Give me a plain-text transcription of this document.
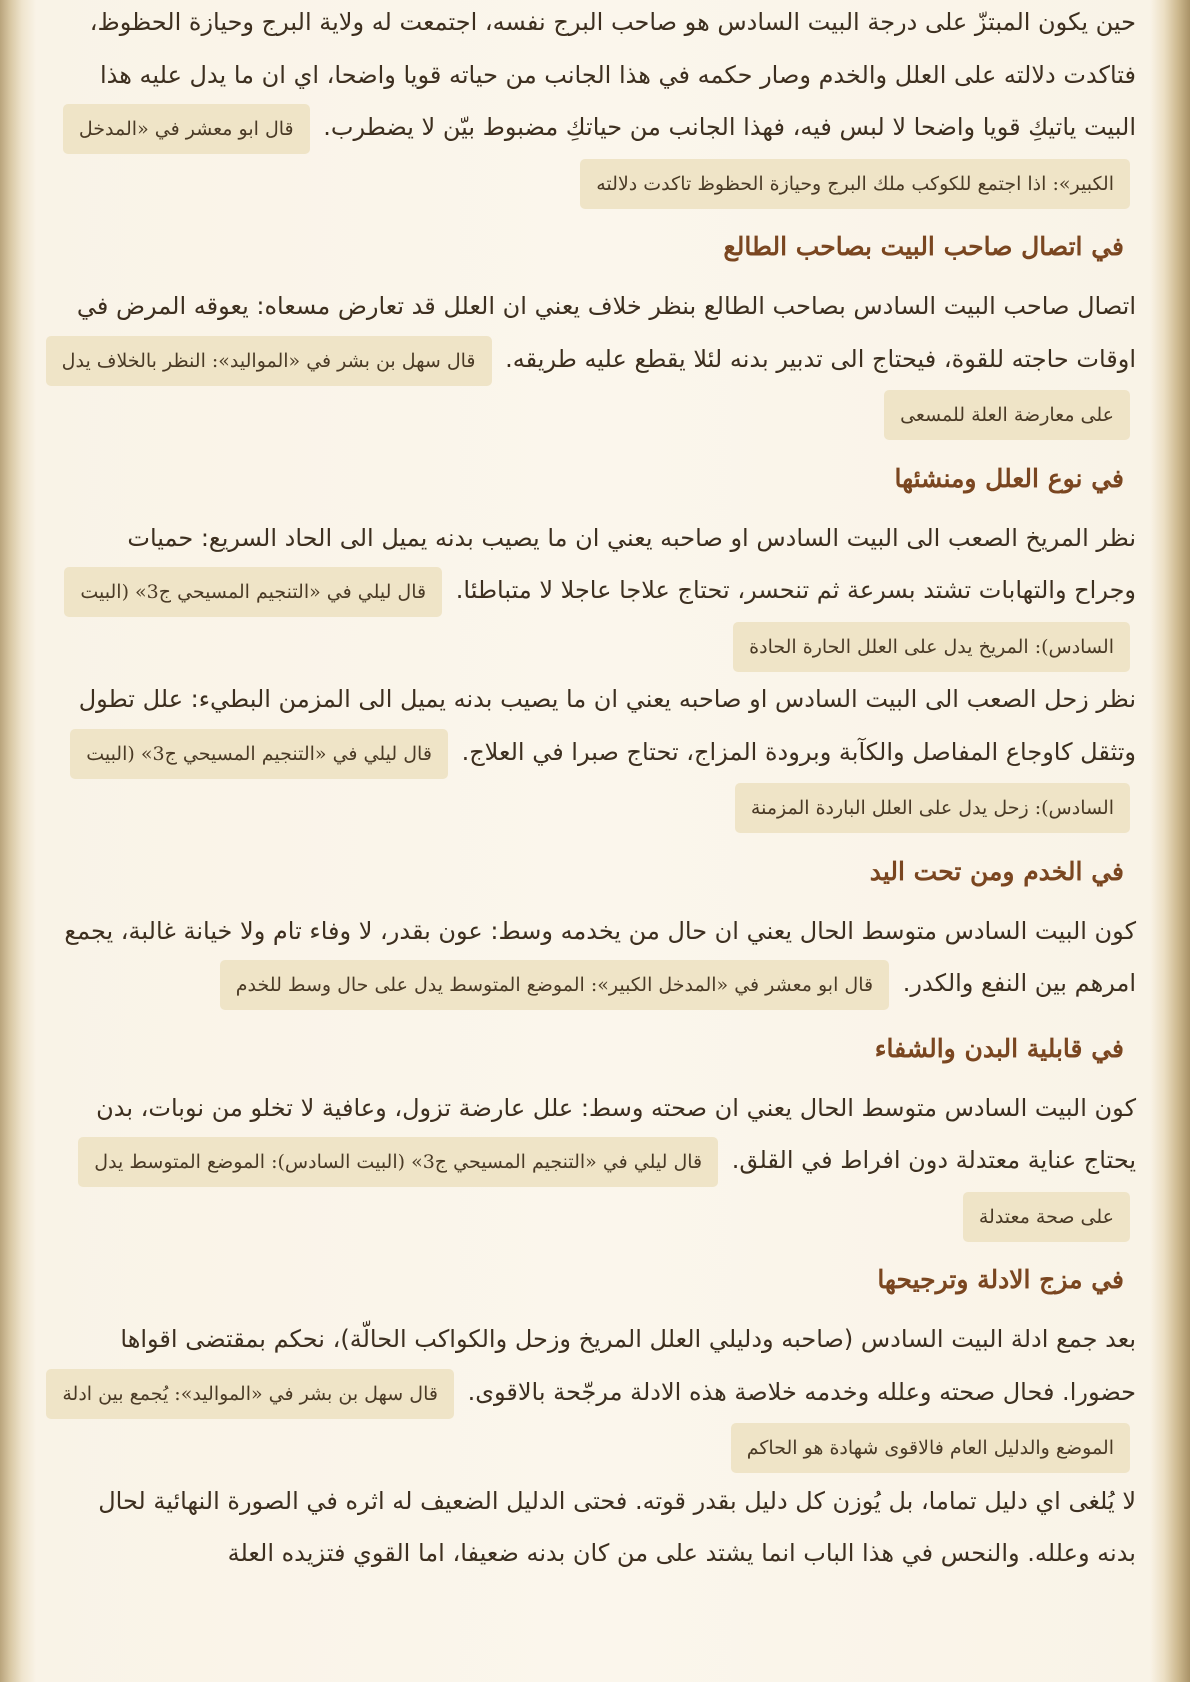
حين يكون المبتزّ على درجة البيت السادس هو صاحب البرج نفسه، اجتمعت له ولاية البرج وحيازة الحظوظ، فتاكدت دلالته على العلل والخدم وصار حكمه في هذا الجانب من حياته قويا واضحا، اي ان ما يدل عليه هذا البيت ياتيكِ قويا واضحا لا لبس فيه، فهذا الجانب من حياتكِ مضبوط بيّن لا يضطرب. قال ابو معشر في «المدخل الكبير»: اذا اجتمع للكوكب ملك البرج وحيازة الحظوظ تاكدت دلالته

في اتصال صاحب البيت بصاحب الطالع

اتصال صاحب البيت السادس بصاحب الطالع بنظر خلاف يعني ان العلل قد تعارض مسعاه: يعوقه المرض في اوقات حاجته للقوة، فيحتاج الى تدبير بدنه لئلا يقطع عليه طريقه. قال سهل بن بشر في «المواليد»: النظر بالخلاف يدل على معارضة العلة للمسعى

في نوع العلل ومنشئها

نظر المريخ الصعب الى البيت السادس او صاحبه يعني ان ما يصيب بدنه يميل الى الحاد السريع: حميات وجراح والتهابات تشتد بسرعة ثم تنحسر، تحتاج علاجا عاجلا لا متباطئا. قال ليلي في «التنجيم المسيحي ج3» (البيت السادس): المريخ يدل على العلل الحارة الحادة

نظر زحل الصعب الى البيت السادس او صاحبه يعني ان ما يصيب بدنه يميل الى المزمن البطيء: علل تطول وتثقل كاوجاع المفاصل والكآبة وبرودة المزاج، تحتاج صبرا في العلاج. قال ليلي في «التنجيم المسيحي ج3» (البيت السادس): زحل يدل على العلل الباردة المزمنة

في الخدم ومن تحت اليد

كون البيت السادس متوسط الحال يعني ان حال من يخدمه وسط: عون بقدر، لا وفاء تام ولا خيانة غالبة، يجمع امرهم بين النفع والكدر. قال ابو معشر في «المدخل الكبير»: الموضع المتوسط يدل على حال وسط للخدم

في قابلية البدن والشفاء

كون البيت السادس متوسط الحال يعني ان صحته وسط: علل عارضة تزول، وعافية لا تخلو من نوبات، بدن يحتاج عناية معتدلة دون افراط في القلق. قال ليلي في «التنجيم المسيحي ج3» (البيت السادس): الموضع المتوسط يدل على صحة معتدلة

في مزج الادلة وترجيحها

بعد جمع ادلة البيت السادس (صاحبه ودليلي العلل المريخ وزحل والكواكب الحالّة)، نحكم بمقتضى اقواها حضورا. فحال صحته وعلله وخدمه خلاصة هذه الادلة مرجّحة بالاقوى. قال سهل بن بشر في «المواليد»: يُجمع بين ادلة الموضع والدليل العام فالاقوى شهادة هو الحاكم

لا يُلغى اي دليل تماما، بل يُوزن كل دليل بقدر قوته. فحتى الدليل الضعيف له اثره في الصورة النهائية لحال بدنه وعلله. والنحس في هذا الباب انما يشتد على من كان بدنه ضعيفا، اما القوي فتزيده العلة
